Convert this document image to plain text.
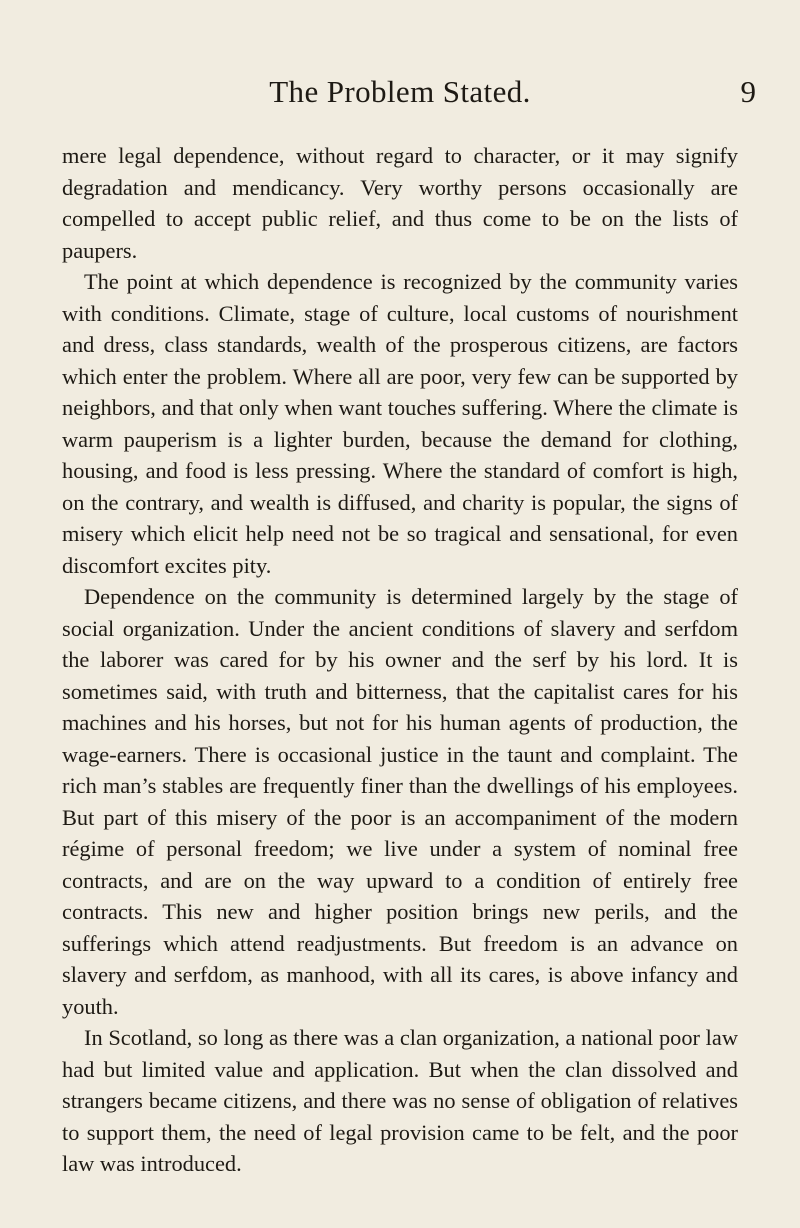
The Problem Stated.	9

mere legal dependence, without regard to character, or it may signify degradation and mendicancy. Very worthy persons occasionally are compelled to accept public relief, and thus come to be on the lists of paupers.

The point at which dependence is recognized by the community varies with conditions. Climate, stage of culture, local customs of nourishment and dress, class standards, wealth of the prosperous citizens, are factors which enter the problem. Where all are poor, very few can be supported by neighbors, and that only when want touches suffering. Where the climate is warm pauperism is a lighter burden, because the demand for clothing, housing, and food is less pressing. Where the standard of comfort is high, on the contrary, and wealth is diffused, and charity is popular, the signs of misery which elicit help need not be so tragical and sensational, for even discomfort excites pity.

Dependence on the community is determined largely by the stage of social organization. Under the ancient conditions of slavery and serfdom the laborer was cared for by his owner and the serf by his lord. It is sometimes said, with truth and bitterness, that the capitalist cares for his machines and his horses, but not for his human agents of production, the wage-earners. There is occasional justice in the taunt and complaint. The rich man’s stables are frequently finer than the dwellings of his employees. But part of this misery of the poor is an accompaniment of the modern régime of personal freedom; we live under a system of nominal free contracts, and are on the way upward to a condition of entirely free contracts. This new and higher position brings new perils, and the sufferings which attend readjustments. But freedom is an advance on slavery and serfdom, as manhood, with all its cares, is above infancy and youth.

In Scotland, so long as there was a clan organization, a national poor law had but limited value and application. But when the clan dissolved and strangers became citizens, and there was no sense of obligation of relatives to support them, the need of legal provision came to be felt, and the poor law was introduced.
